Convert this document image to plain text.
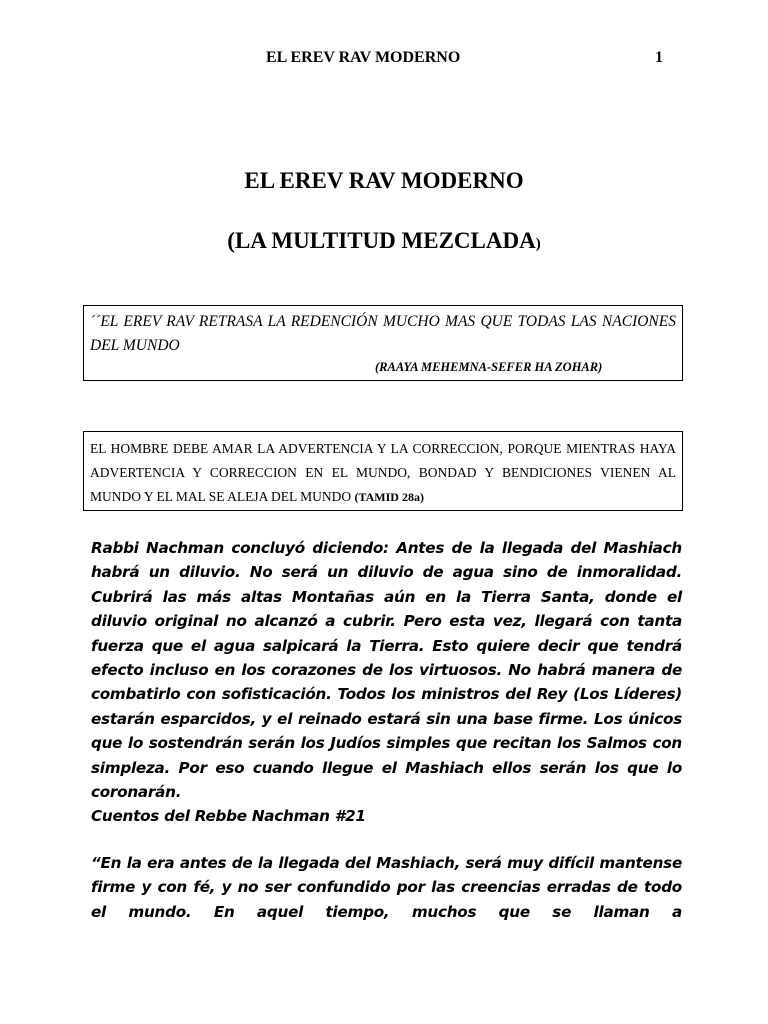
EL EREV RAV MODERNO	1
EL EREV RAV MODERNO
(LA MULTITUD MEZCLADA)
´´EL EREV RAV RETRASA LA REDENCIÓN MUCHO MAS QUE TODAS LAS NACIONES DEL MUNDO
(RAAYA MEHEMNA-SEFER HA ZOHAR)
EL HOMBRE DEBE AMAR LA ADVERTENCIA Y LA CORRECCION, PORQUE MIENTRAS HAYA ADVERTENCIA Y CORRECCION EN EL MUNDO, BONDAD Y BENDICIONES VIENEN AL MUNDO Y EL MAL SE ALEJA DEL MUNDO (TAMID 28a)

Rabbi Nachman concluyó diciendo: Antes de la llegada del Mashiach habrá un diluvio. No será un diluvio de agua sino de inmoralidad. Cubrirá las más altas Montañas aún en la Tierra Santa, donde el diluvio original no alcanzó a cubrir. Pero esta vez, llegará con tanta fuerza que el agua salpicará la Tierra. Esto quiere decir que tendrá efecto incluso en los corazones de los virtuosos. No habrá manera de combatirlo con sofisticación. Todos los ministros del Rey (Los Líderes) estarán esparcidos, y el reinado estará sin una base firme. Los únicos que lo sostendrán serán los Judíos simples que recitan los Salmos con simpleza. Por eso cuando llegue el Mashiach ellos serán los que lo coronarán.

Cuentos del Rebbe Nachman #21

“En la era antes de la llegada del Mashiach, será muy difícil mantense firme y con fé, y no ser confundido por las creencias erradas de todo el mundo. En aquel tiempo, muchos que se llaman a
